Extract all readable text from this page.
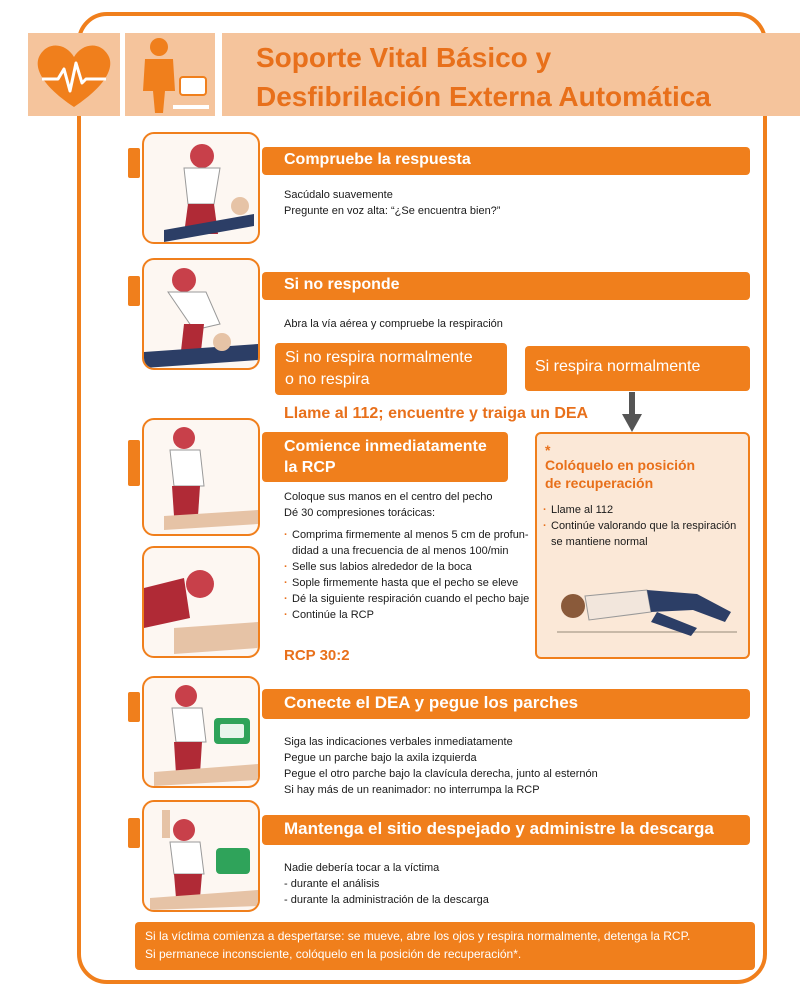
Soporte Vital Básico y
Desfibrilación Externa Automática
Compruebe la respuesta
Sacúdalo suavemente
Pregunte en voz alta: “¿Se encuentra bien?”
Si no responde
Abra la vía aérea y compruebe la respiración
Si no respira normalmente
o no respira
Si respira normalmente
Llame al 112; encuentre y traiga un DEA
Comience inmediatamente
la RCP
Coloque sus manos en el centro del pecho
Dé 30 compresiones torácicas:
· Comprima firmemente al menos 5 cm de profun-
didad a una frecuencia de al menos 100/min
· Selle sus labios alrededor de la boca
· Sople firmemente hasta que el pecho se eleve
· Dé la siguiente respiración cuando el pecho baje
· Continúe la RCP
RCP 30:2
*
Colóquelo en posición
de recuperación
· Llame al 112
· Continúe valorando que la respiración
se mantiene normal
Conecte el DEA y pegue los parches
Siga las indicaciones verbales inmediatamente
Pegue un parche bajo la axila izquierda
Pegue el otro parche bajo la clavícula derecha, junto al esternón
Si hay más de un reanimador: no interrumpa la RCP
Mantenga el sitio despejado y administre la descarga
Nadie debería tocar a la víctima
- durante el análisis
- durante la administración de la descarga
Si la víctima comienza a despertarse: se mueve, abre los ojos y respira normalmente, detenga la RCP.
Si permanece inconsciente, colóquelo en la posición de recuperación*.
